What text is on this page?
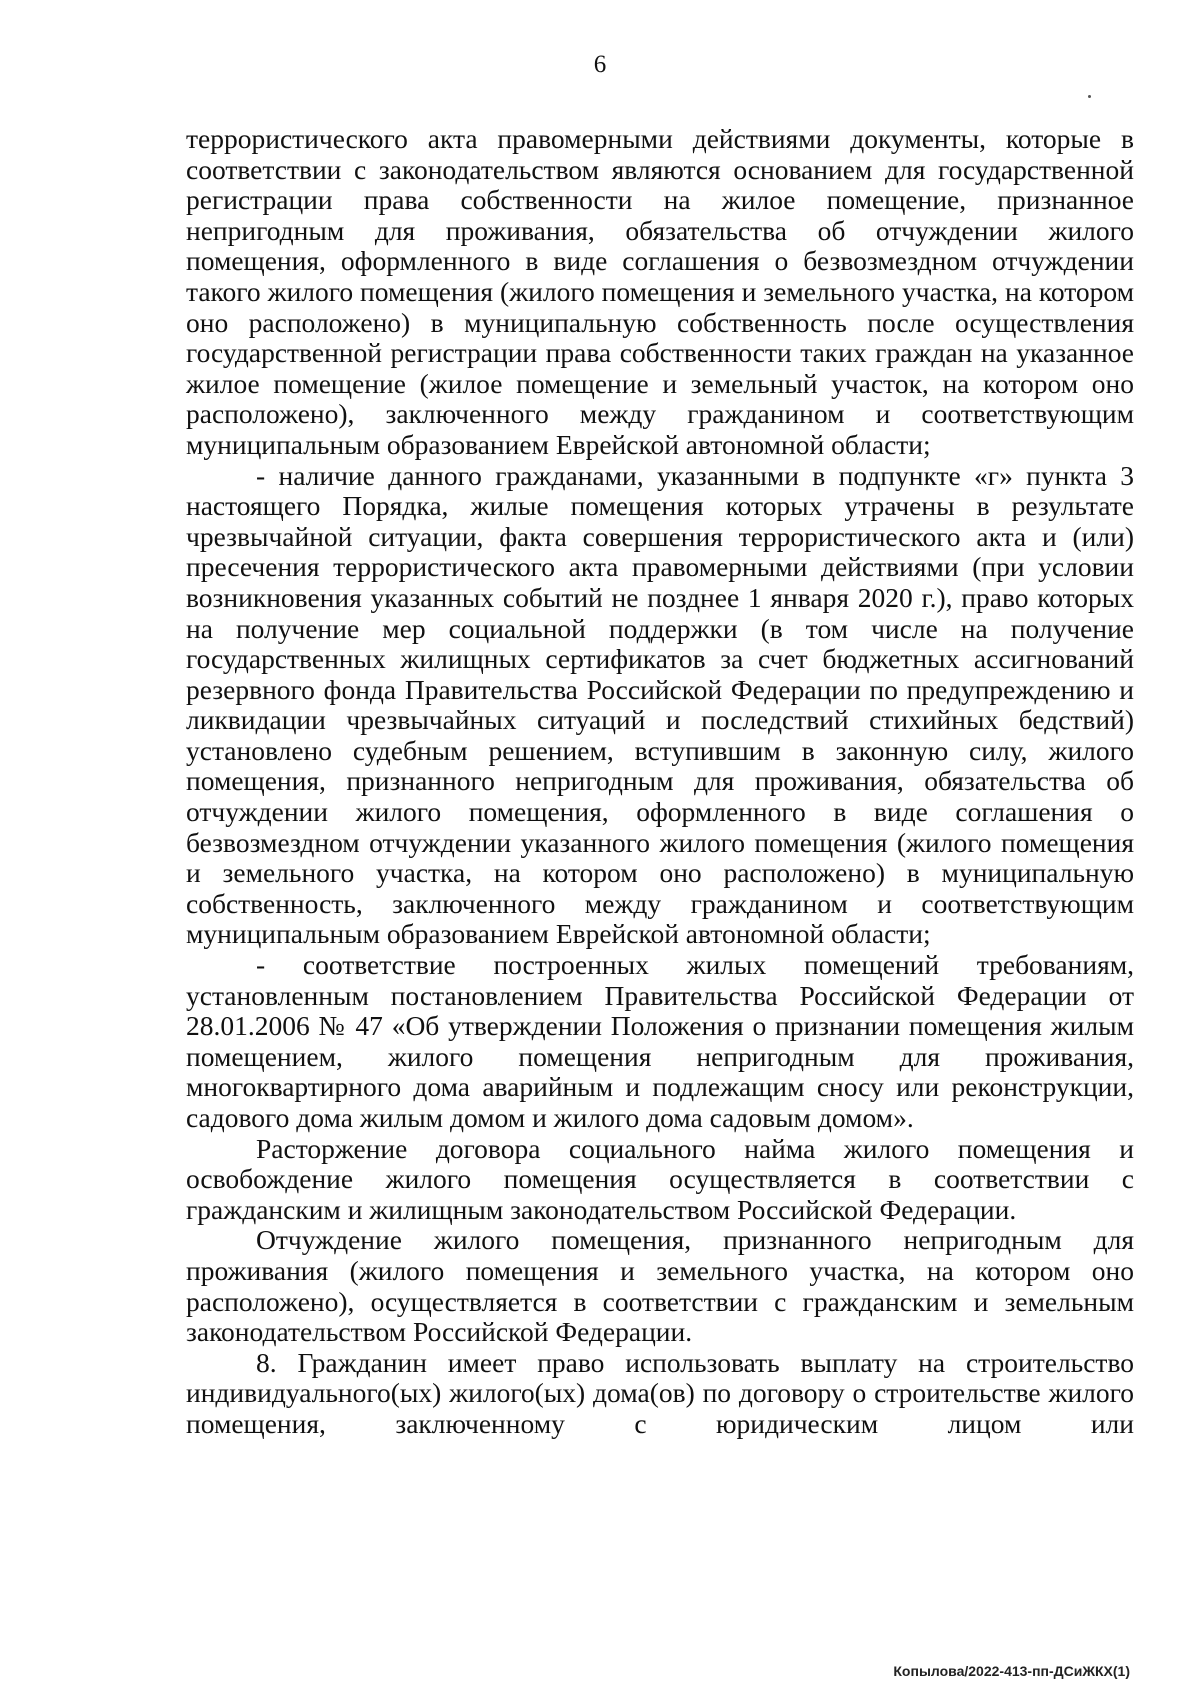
6

террористического акта правомерными действиями документы, которые в соответствии с законодательством являются основанием для государственной регистрации права собственности на жилое помещение, признанное непригодным для проживания, обязательства об отчуждении жилого помещения, оформленного в виде соглашения о безвозмездном отчуждении такого жилого помещения (жилого помещения и земельного участка, на котором оно расположено) в муниципальную собственность после осуществления государственной регистрации права собственности таких граждан на указанное жилое помещение (жилое помещение и земельный участок, на котором оно расположено), заключенного между гражданином и соответствующим муниципальным образованием Еврейской автономной области;

- наличие данного гражданами, указанными в подпункте «г» пункта 3 настоящего Порядка, жилые помещения которых утрачены в результате чрезвычайной ситуации, факта совершения террористического акта и (или) пресечения террористического акта правомерными действиями (при условии возникновения указанных событий не позднее 1 января 2020 г.), право которых на получение мер социальной поддержки (в том числе на получение государственных жилищных сертификатов за счет бюджетных ассигнований резервного фонда Правительства Российской Федерации по предупреждению и ликвидации чрезвычайных ситуаций и последствий стихийных бедствий) установлено судебным решением, вступившим в законную силу, жилого помещения, признанного непригодным для проживания, обязательства об отчуждении жилого помещения, оформленного в виде соглашения о безвозмездном отчуждении указанного жилого помещения (жилого помещения и земельного участка, на котором оно расположено) в муниципальную собственность, заключенного между гражданином и соответствующим муниципальным образованием Еврейской автономной области;

- соответствие построенных жилых помещений требованиям, установленным постановлением Правительства Российской Федерации от 28.01.2006 № 47 «Об утверждении Положения о признании помещения жилым помещением, жилого помещения непригодным для проживания, многоквартирного дома аварийным и подлежащим сносу или реконструкции, садового дома жилым домом и жилого дома садовым домом».

Расторжение договора социального найма жилого помещения и освобождение жилого помещения осуществляется в соответствии с гражданским и жилищным законодательством Российской Федерации.

Отчуждение жилого помещения, признанного непригодным для проживания (жилого помещения и земельного участка, на котором оно расположено), осуществляется в соответствии с гражданским и земельным законодательством Российской Федерации.

8. Гражданин имеет право использовать выплату на строительство индивидуального(ых) жилого(ых) дома(ов) по договору о строительстве жилого помещения, заключенному с юридическим лицом или

Копылова/2022-413-пп-ДСиЖКХ(1)
